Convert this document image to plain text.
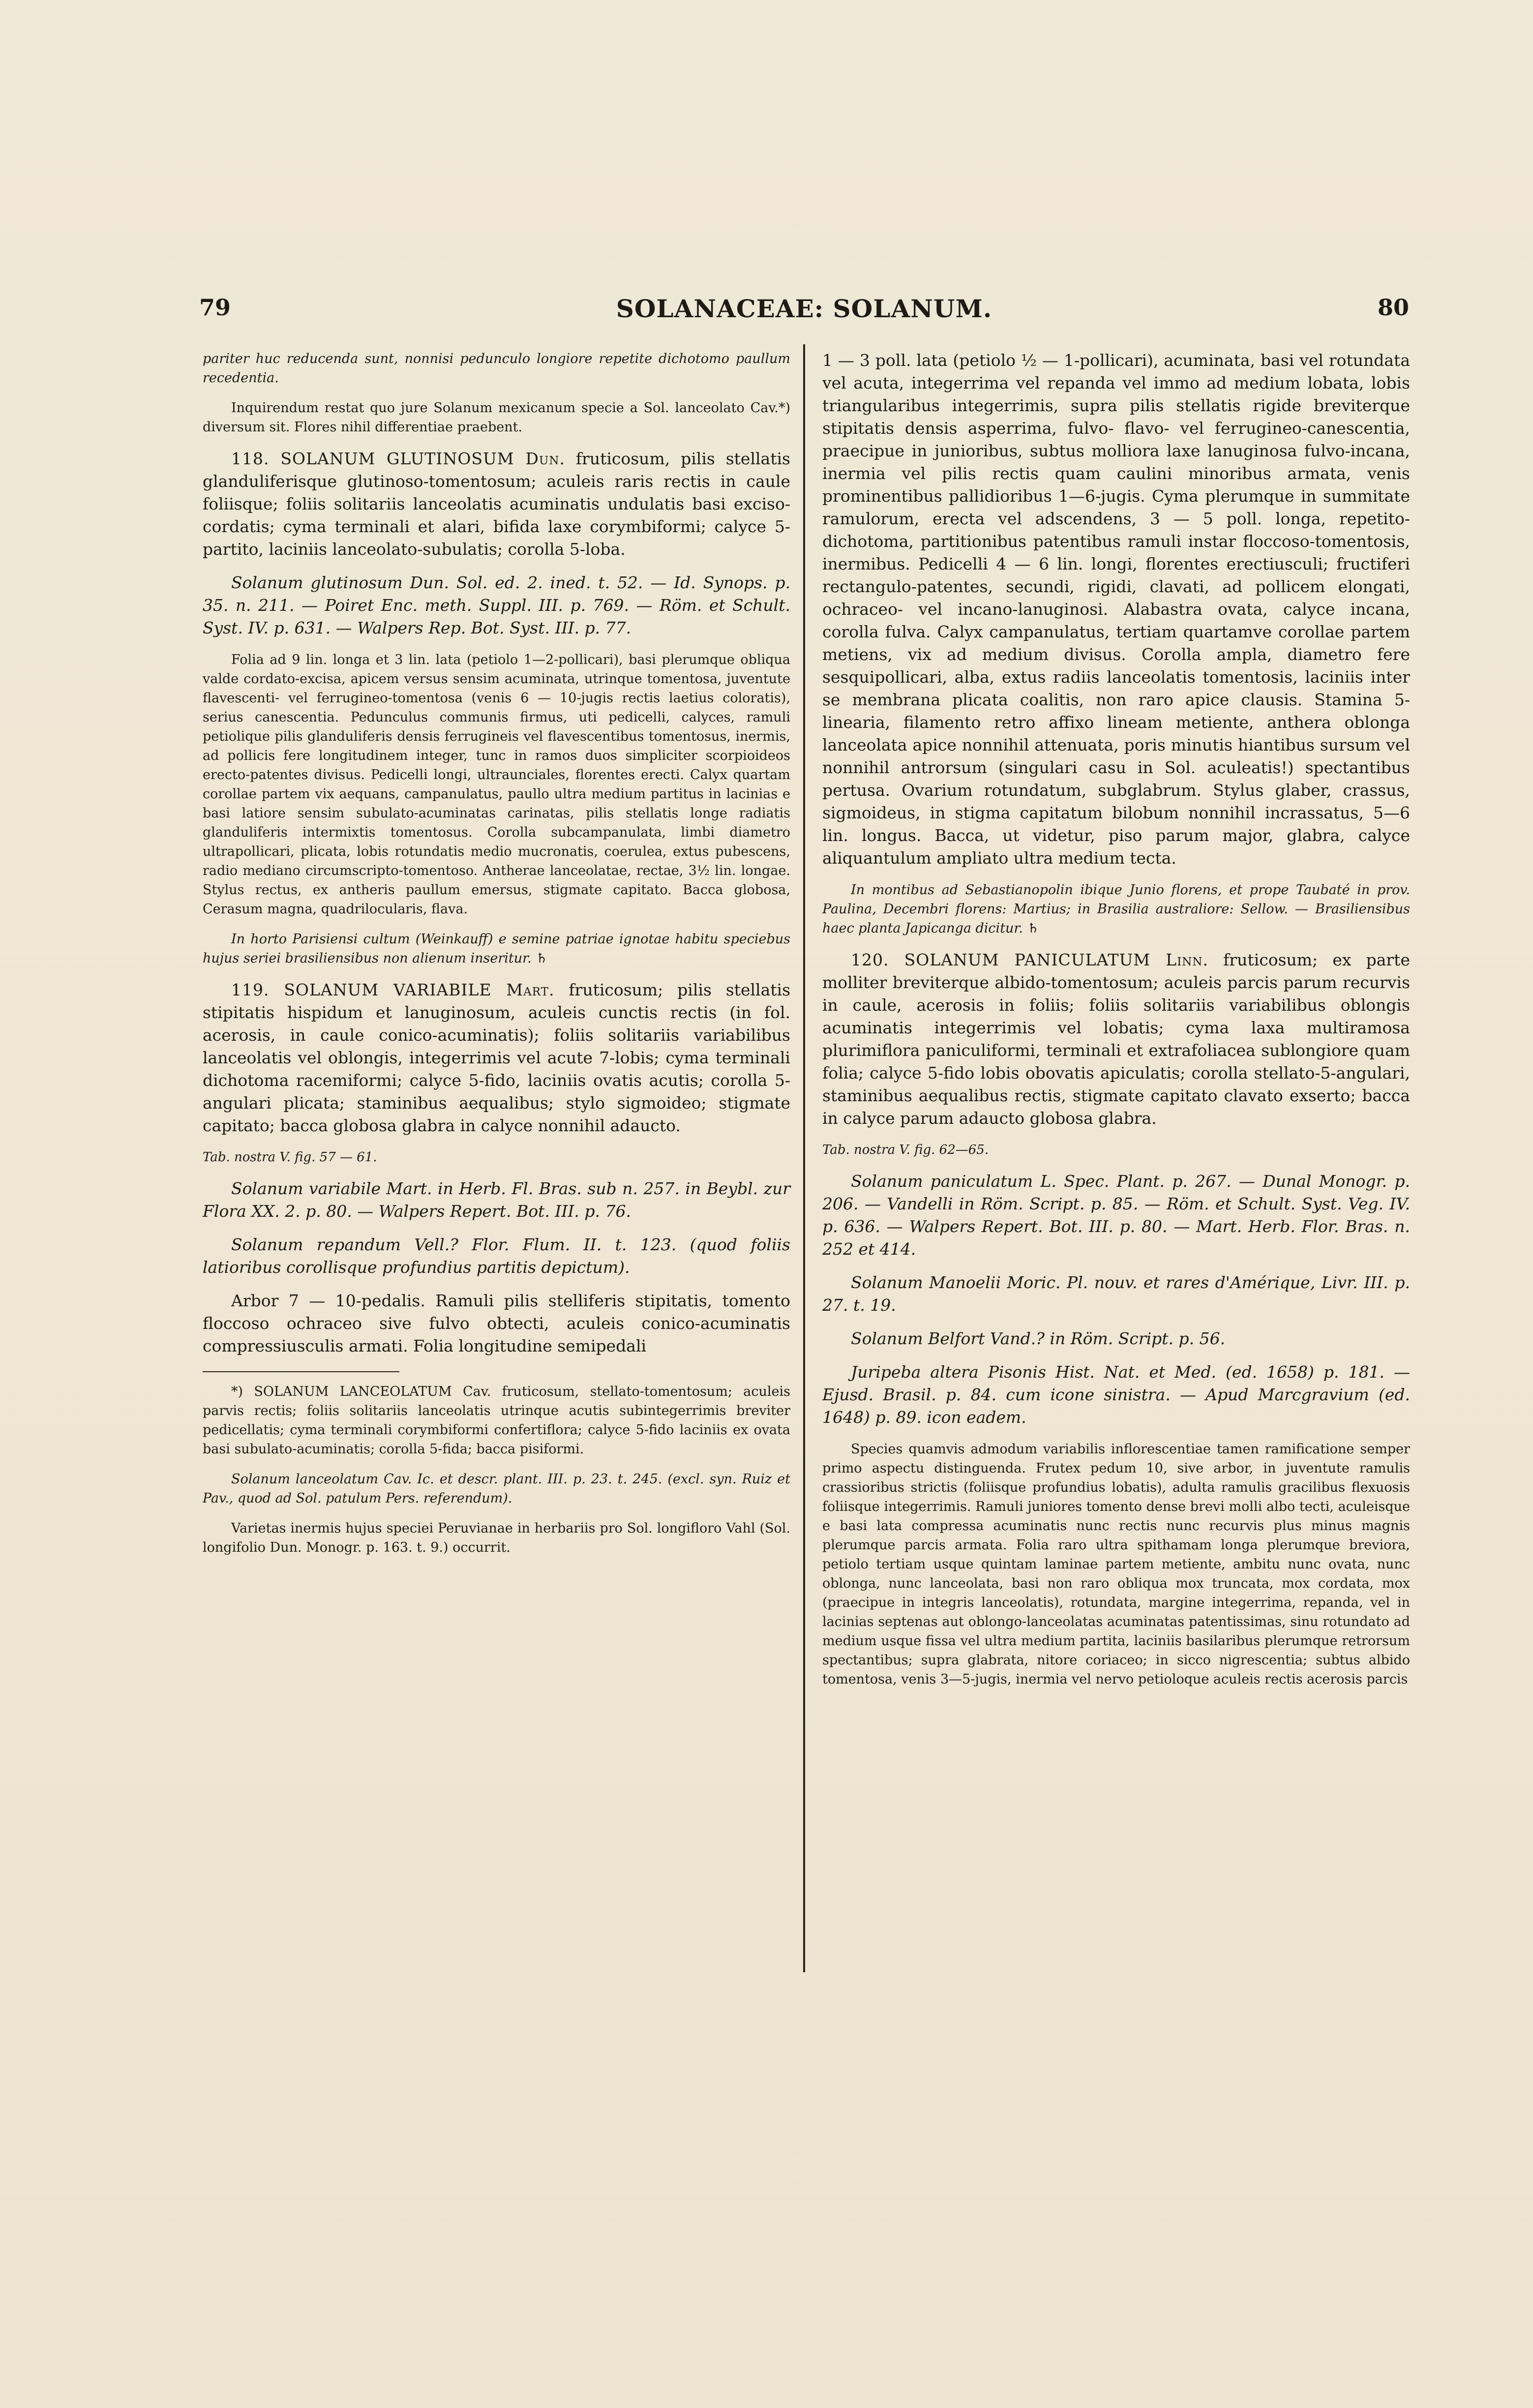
79	SOLANACEAE: SOLANUM.	80

pariter huc reducenda sunt, nonnisi pedunculo longiore repetite dichotomo paullum recedentia.

Inquirendum restat quo jure Solanum mexicanum specie a Sol. lanceolato Cav.*) diversum sit. Flores nihil differentiae praebent.

118. SOLANUM GLUTINOSUM Dun. fruticosum, pilis stellatis glanduliferisque glutinoso-tomentosum; aculeis raris rectis in caule foliisque; foliis solitariis lanceolatis acuminatis undulatis basi exciso-cordatis; cyma terminali et alari, bifida laxe corymbiformi; calyce 5-partito, laciniis lanceolato-subulatis; corolla 5-loba.

Solanum glutinosum Dun. Sol. ed. 2. ined. t. 52. — Id. Synops. p. 35. n. 211. — Poiret Enc. meth. Suppl. III. p. 769. — Röm. et Schult. Syst. IV. p. 631. — Walpers Rep. Bot. Syst. III. p. 77.

Folia ad 9 lin. longa et 3 lin. lata (petiolo 1—2-pollicari), basi plerumque obliqua valde cordato-excisa, apicem versus sensim acuminata, utrinque tomentosa, juventute flavescenti- vel ferrugineo-tomentosa (venis 6 — 10-jugis rectis laetius coloratis), serius canescentia. Pedunculus communis firmus, uti pedicelli, calyces, ramuli petiolique pilis glanduliferis densis ferrugineis vel flavescentibus tomentosus, inermis, ad pollicis fere longitudinem integer, tunc in ramos duos simpliciter scorpioideos erecto-patentes divisus. Pedicelli longi, ultraunciales, florentes erecti. Calyx quartam corollae partem vix aequans, campanulatus, paullo ultra medium partitus in lacinias e basi latiore sensim subulato-acuminatas carinatas, pilis stellatis longe radiatis glanduliferis intermixtis tomentosus. Corolla subcampanulata, limbi diametro ultrapollicari, plicata, lobis rotundatis medio mucronatis, coerulea, extus pubescens, radio mediano circumscripto-tomentoso. Antherae lanceolatae, rectae, 3½ lin. longae. Stylus rectus, ex antheris paullum emersus, stigmate capitato. Bacca globosa, Cerasum magna, quadrilocularis, flava.

In horto Parisiensi cultum (Weinkauff) e semine patriae ignotae habitu speciebus hujus seriei brasiliensibus non alienum inseritur. ♄

119. SOLANUM VARIABILE Mart. fruticosum; pilis stellatis stipitatis hispidum et lanuginosum, aculeis cunctis rectis (in fol. acerosis, in caule conico-acuminatis); foliis solitariis variabilibus lanceolatis vel oblongis, integerrimis vel acute 7-lobis; cyma terminali dichotoma racemiformi; calyce 5-fido, laciniis ovatis acutis; corolla 5-angulari plicata; staminibus aequalibus; stylo sigmoideo; stigmate capitato; bacca globosa glabra in calyce nonnihil adaucto.

Tab. nostra V. fig. 57 — 61.

Solanum variabile Mart. in Herb. Fl. Bras. sub n. 257. in Beybl. zur Flora XX. 2. p. 80. — Walpers Repert. Bot. III. p. 76.

Solanum repandum Vell.? Flor. Flum. II. t. 123. (quod foliis latioribus corollisque profundius partitis depictum).

Arbor 7 — 10-pedalis. Ramuli pilis stelliferis stipitatis, tomento floccoso ochraceo sive fulvo obtecti, aculeis conico-acuminatis compressiusculis armati. Folia longitudine semipedali

*) SOLANUM LANCEOLATUM Cav. fruticosum, stellato-tomentosum; aculeis parvis rectis; foliis solitariis lanceolatis utrinque acutis subintegerrimis breviter pedicellatis; cyma terminali corymbiformi confertiflora; calyce 5-fido laciniis ex ovata basi subulato-acuminatis; corolla 5-fida; bacca pisiformi.

Solanum lanceolatum Cav. Ic. et descr. plant. III. p. 23. t. 245. (excl. syn. Ruiz et Pav., quod ad Sol. patulum Pers. referendum).

Varietas inermis hujus speciei Peruvianae in herbariis pro Sol. longifloro Vahl (Sol. longifolio Dun. Monogr. p. 163. t. 9.) occurrit.

1 — 3 poll. lata (petiolo ½ — 1-pollicari), acuminata, basi vel rotundata vel acuta, integerrima vel repanda vel immo ad medium lobata, lobis triangularibus integerrimis, supra pilis stellatis rigide breviterque stipitatis densis asperrima, fulvo- flavo- vel ferrugineo-canescentia, praecipue in junioribus, subtus molliora laxe lanuginosa fulvo-incana, inermia vel pilis rectis quam caulini minoribus armata, venis prominentibus pallidioribus 1—6-jugis. Cyma plerumque in summitate ramulorum, erecta vel adscendens, 3 — 5 poll. longa, repetito-dichotoma, partitionibus patentibus ramuli instar floccoso-tomentosis, inermibus. Pedicelli 4 — 6 lin. longi, florentes erectiusculi; fructiferi rectangulo-patentes, secundi, rigidi, clavati, ad pollicem elongati, ochraceo- vel incano-lanuginosi. Alabastra ovata, calyce incana, corolla fulva. Calyx campanulatus, tertiam quartamve corollae partem metiens, vix ad medium divisus. Corolla ampla, diametro fere sesquipollicari, alba, extus radiis lanceolatis tomentosis, laciniis inter se membrana plicata coalitis, non raro apice clausis. Stamina 5-linearia, filamento retro affixo lineam metiente, anthera oblonga lanceolata apice nonnihil attenuata, poris minutis hiantibus sursum vel nonnihil antrorsum (singulari casu in Sol. aculeatis!) spectantibus pertusa. Ovarium rotundatum, subglabrum. Stylus glaber, crassus, sigmoideus, in stigma capitatum bilobum nonnihil incrassatus, 5—6 lin. longus. Bacca, ut videtur, piso parum major, glabra, calyce aliquantulum ampliato ultra medium tecta.

In montibus ad Sebastianopolin ibique Junio florens, et prope Taubaté in prov. Paulina, Decembri florens: Martius; in Brasilia australiore: Sellow. — Brasiliensibus haec planta Japicanga dicitur. ♄

120. SOLANUM PANICULATUM Linn. fruticosum; ex parte molliter breviterque albido-tomentosum; aculeis parcis parum recurvis in caule, acerosis in foliis; foliis solitariis variabilibus oblongis acuminatis integerrimis vel lobatis; cyma laxa multiramosa plurimiflora paniculiformi, terminali et extrafoliacea sublongiore quam folia; calyce 5-fido lobis obovatis apiculatis; corolla stellato-5-angulari, staminibus aequalibus rectis, stigmate capitato clavato exserto; bacca in calyce parum adaucto globosa glabra.

Tab. nostra V. fig. 62—65.

Solanum paniculatum L. Spec. Plant. p. 267. — Dunal Monogr. p. 206. — Vandelli in Röm. Script. p. 85. — Röm. et Schult. Syst. Veg. IV. p. 636. — Walpers Repert. Bot. III. p. 80. — Mart. Herb. Flor. Bras. n. 252 et 414.

Solanum Manoelii Moric. Pl. nouv. et rares d'Amérique, Livr. III. p. 27. t. 19.

Solanum Belfort Vand.? in Röm. Script. p. 56.

Juripeba altera Pisonis Hist. Nat. et Med. (ed. 1658) p. 181. — Ejusd. Brasil. p. 84. cum icone sinistra. — Apud Marcgravium (ed. 1648) p. 89. icon eadem.

Species quamvis admodum variabilis inflorescentiae tamen ramificatione semper primo aspectu distinguenda. Frutex pedum 10, sive arbor, in juventute ramulis crassioribus strictis (foliisque profundius lobatis), adulta ramulis gracilibus flexuosis foliisque integerrimis. Ramuli juniores tomento dense brevi molli albo tecti, aculeisque e basi lata compressa acuminatis nunc rectis nunc recurvis plus minus magnis plerumque parcis armata. Folia raro ultra spithamam longa plerumque breviora, petiolo tertiam usque quintam laminae partem metiente, ambitu nunc ovata, nunc oblonga, nunc lanceolata, basi non raro obliqua mox truncata, mox cordata, mox (praecipue in integris lanceolatis), rotundata, margine integerrima, repanda, vel in lacinias septenas aut oblongo-lanceolatas acuminatas patentissimas, sinu rotundato ad medium usque fissa vel ultra medium partita, laciniis basilaribus plerumque retrorsum spectantibus; supra glabrata, nitore coriaceo; in sicco nigrescentia; subtus albido tomentosa, venis 3—5-jugis, inermia vel nervo petioloque aculeis rectis acerosis parcis
